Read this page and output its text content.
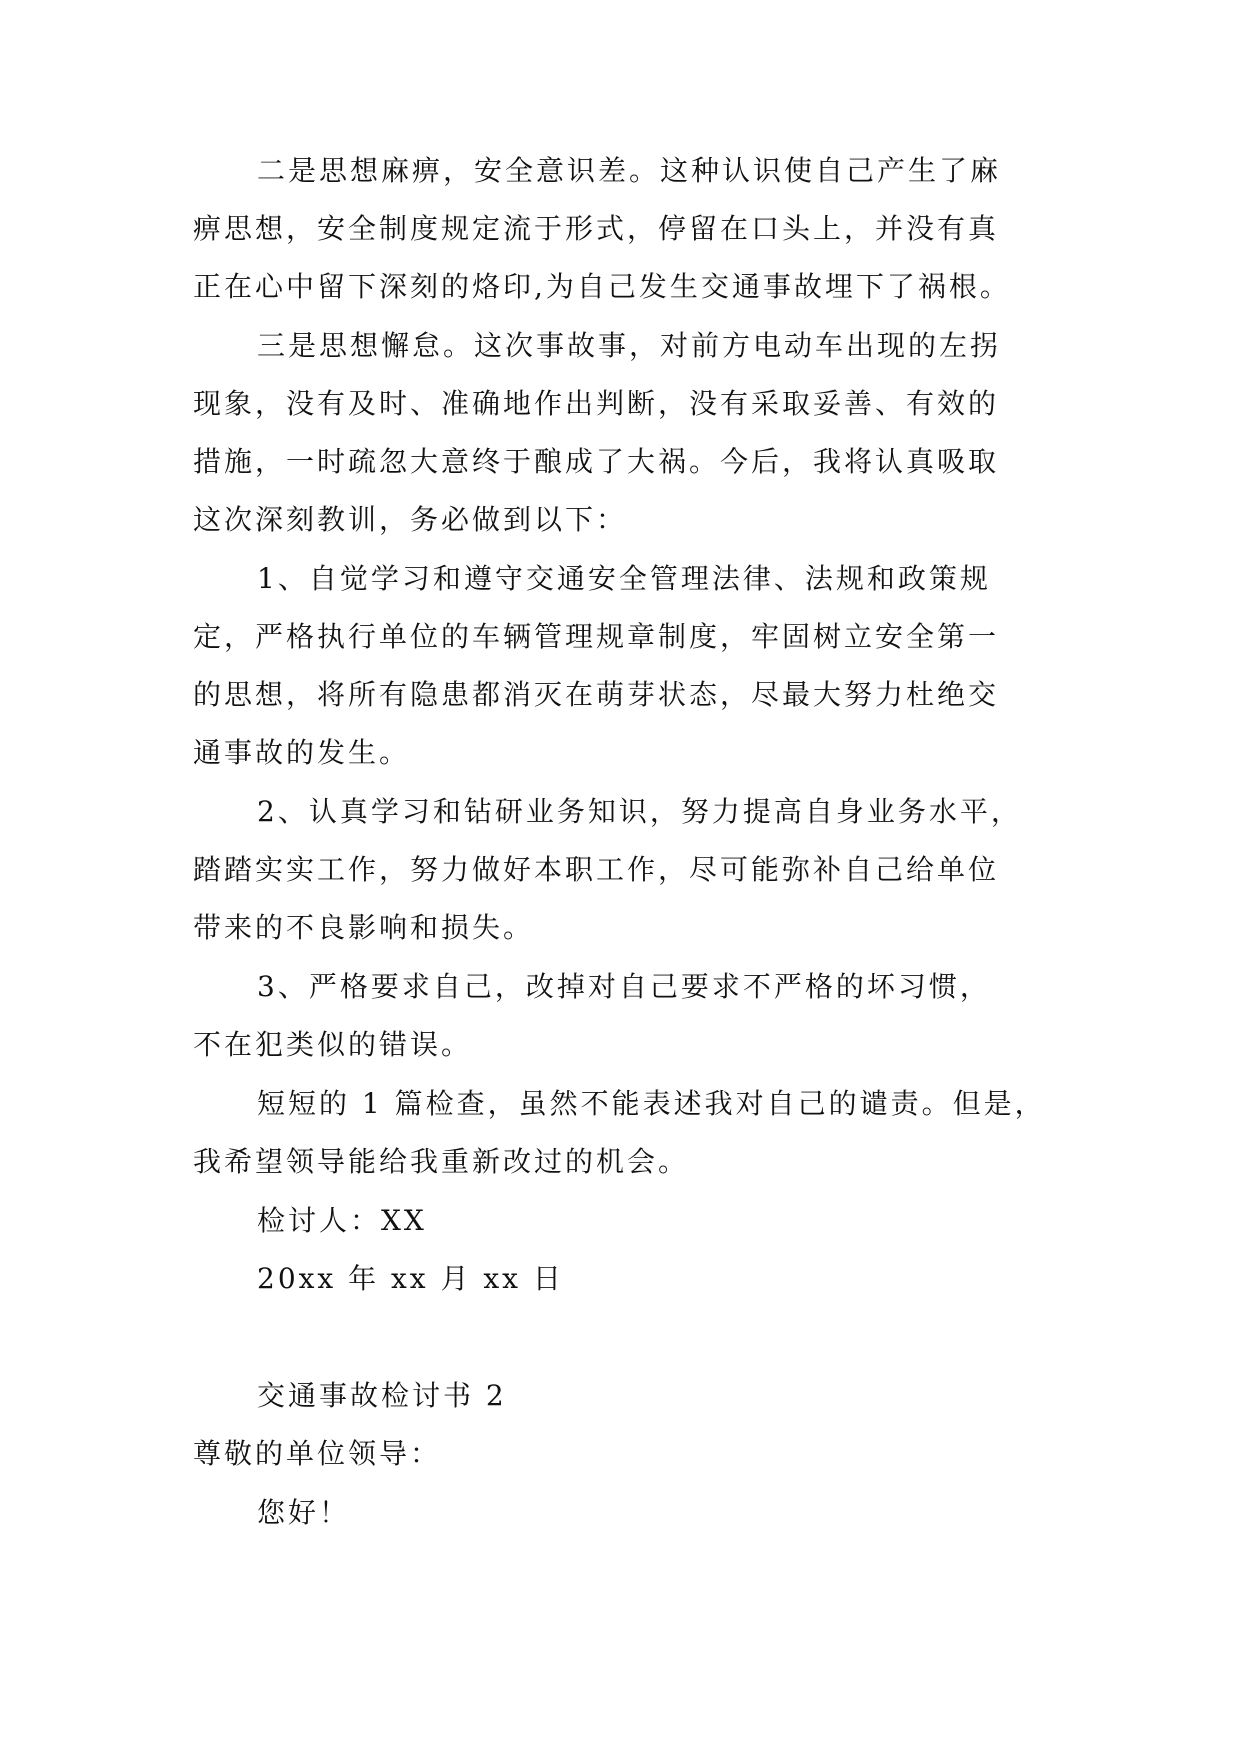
二是思想麻痹，安全意识差。这种认识使自己产生了麻
痹思想，安全制度规定流于形式，停留在口头上，并没有真
正在心中留下深刻的烙印,为自己发生交通事故埋下了祸根。
三是思想懈怠。这次事故事，对前方电动车出现的左拐
现象，没有及时、准确地作出判断，没有采取妥善、有效的
措施，一时疏忽大意终于酿成了大祸。今后，我将认真吸取
这次深刻教训，务必做到以下：
1、自觉学习和遵守交通安全管理法律、法规和政策规
定，严格执行单位的车辆管理规章制度，牢固树立安全第一
的思想，将所有隐患都消灭在萌芽状态，尽最大努力杜绝交
通事故的发生。
2、认真学习和钻研业务知识，努力提高自身业务水平，
踏踏实实工作，努力做好本职工作，尽可能弥补自己给单位
带来的不良影响和损失。
3、严格要求自己，改掉对自己要求不严格的坏习惯，
不在犯类似的错误。
短短的 1 篇检查，虽然不能表述我对自己的谴责。但是，
我希望领导能给我重新改过的机会。
检讨人：XX
20xx 年 xx 月 xx 日
交通事故检讨书 2
尊敬的单位领导：
您好！
